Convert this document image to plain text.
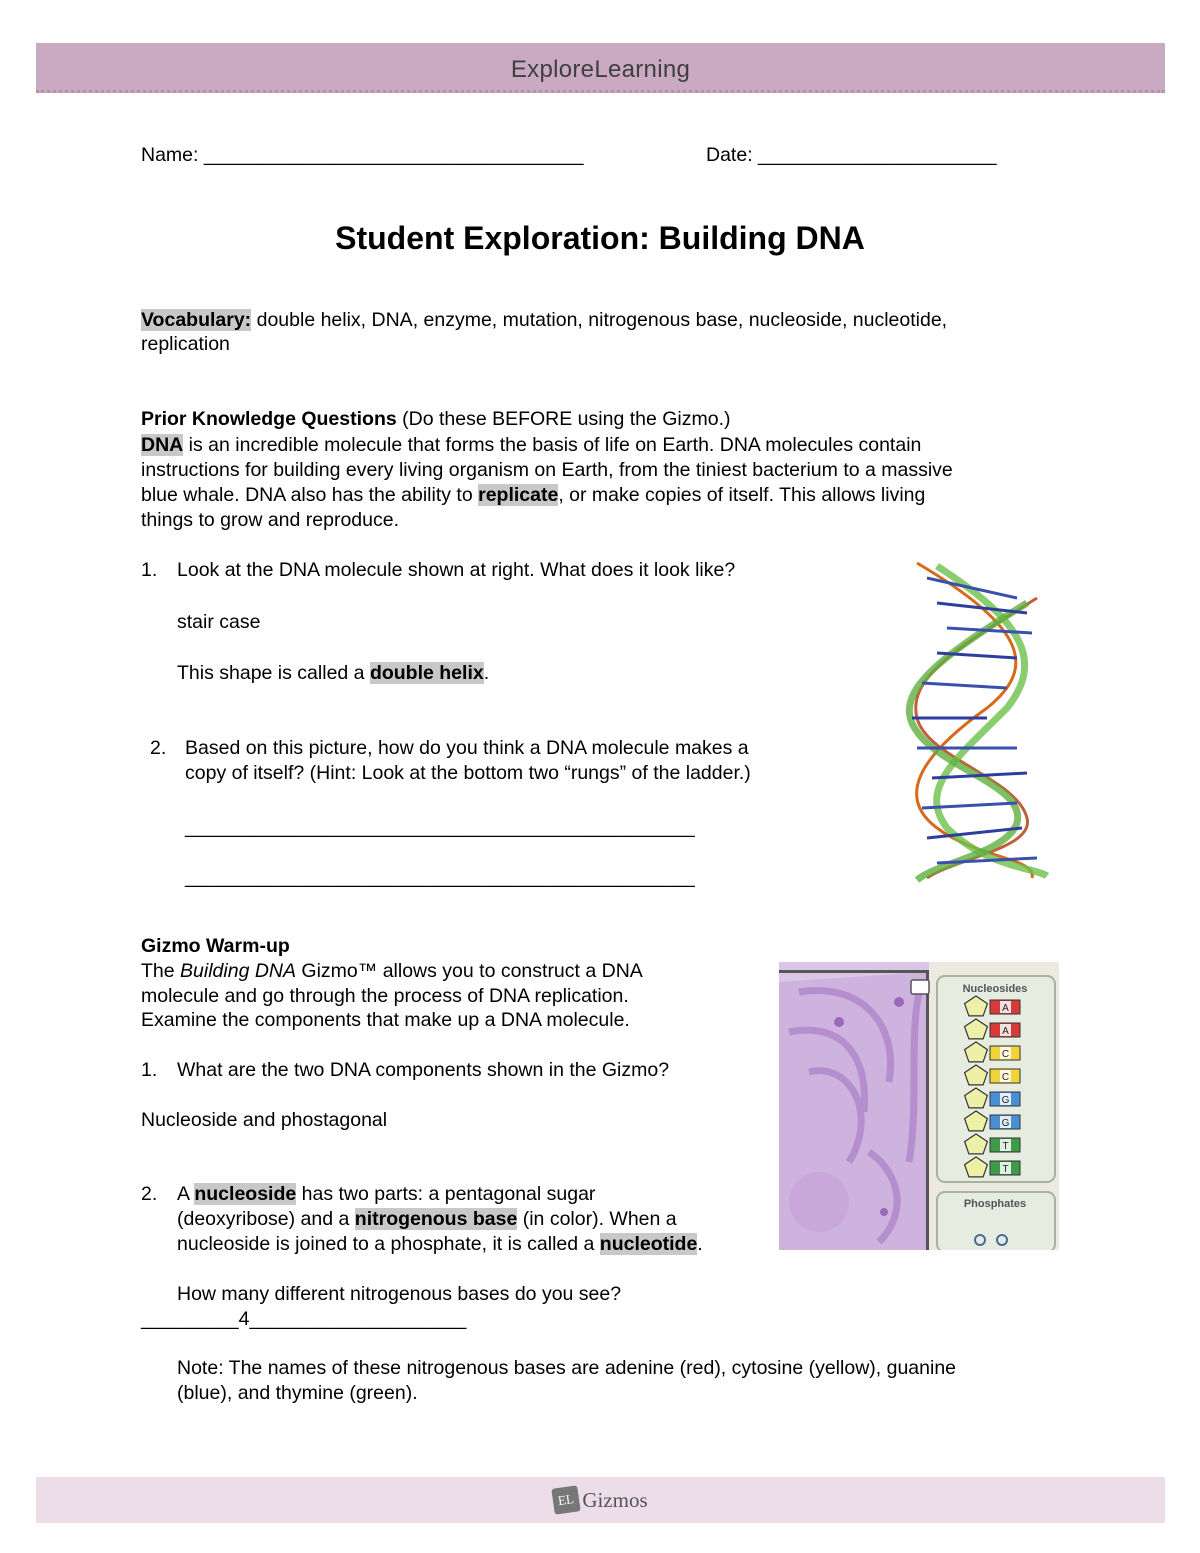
ExploreLearning
Name: ___________________________________	Date: ______________________
Student Exploration: Building DNA
Vocabulary: double helix, DNA, enzyme, mutation, nitrogenous base, nucleoside, nucleotide,
replication
Prior Knowledge Questions (Do these BEFORE using the Gizmo.)
DNA is an incredible molecule that forms the basis of life on Earth. DNA molecules contain
instructions for building every living organism on Earth, from the tiniest bacterium to a massive
blue whale. DNA also has the ability to replicate, or make copies of itself. This allows living
things to grow and reproduce.
1. Look at the DNA molecule shown at right. What does it look like?
stair case
This shape is called a double helix.
2. Based on this picture, how do you think a DNA molecule makes a
copy of itself? (Hint: Look at the bottom two “rungs” of the ladder.)
_______________________________________________
_______________________________________________
Gizmo Warm-up
The Building DNA Gizmo™ allows you to construct a DNA
molecule and go through the process of DNA replication.
Examine the components that make up a DNA molecule.
1. What are the two DNA components shown in the Gizmo?
Nucleoside and phostagonal
2. A nucleoside has two parts: a pentagonal sugar
(deoxyribose) and a nitrogenous base (in color). When a
nucleoside is joined to a phosphate, it is called a nucleotide.
How many different nitrogenous bases do you see?
_________4____________________
Note: The names of these nitrogenous bases are adenine (red), cytosine (yellow), guanine
(blue), and thymine (green).
Nucleosides
Phosphates
A
A
C
C
G
G
T
T
EL Gizmos
